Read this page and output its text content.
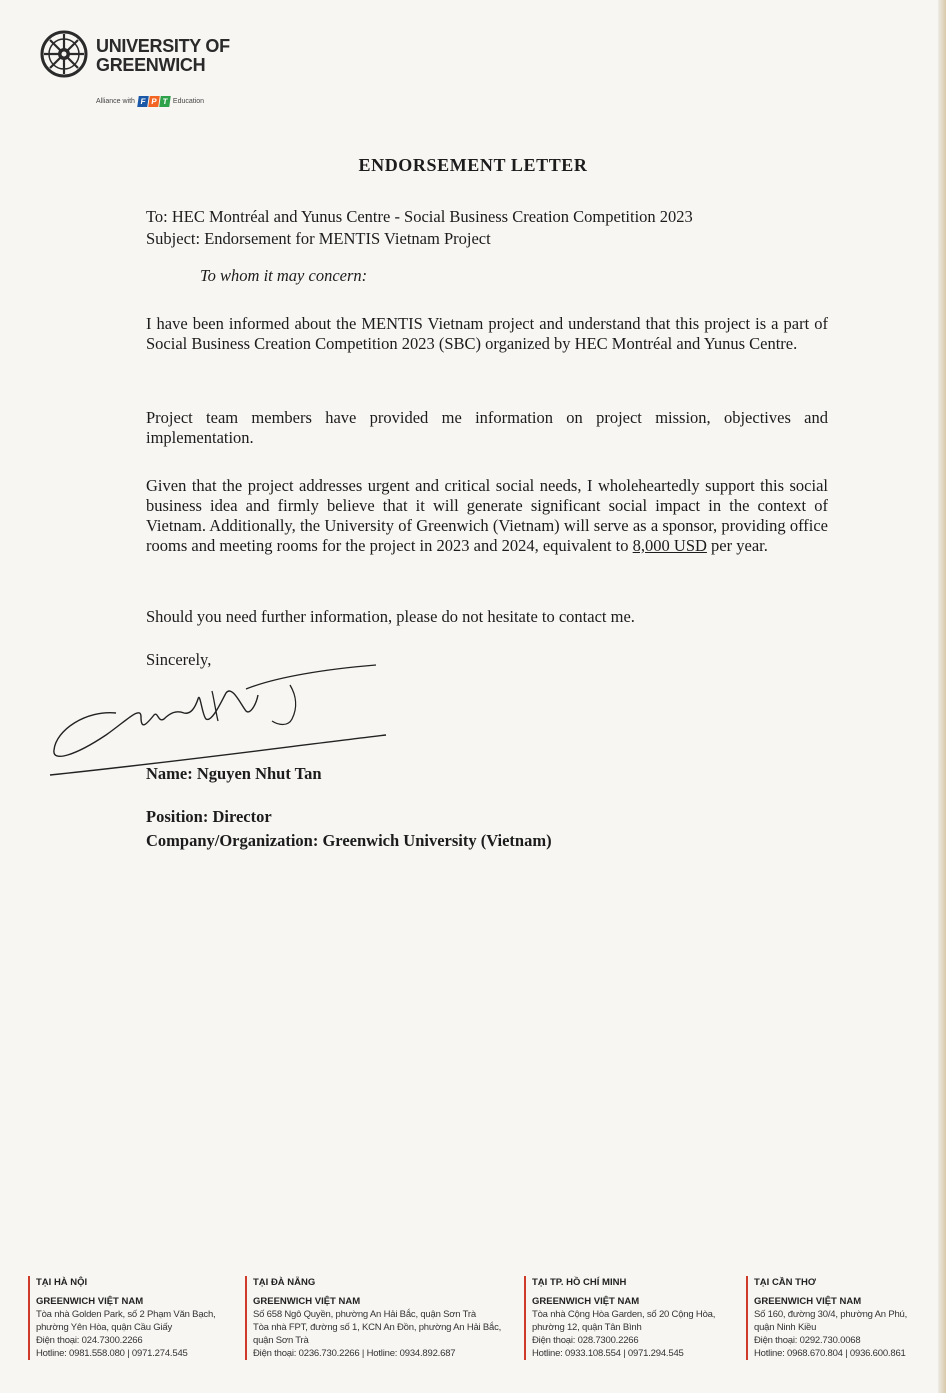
UNIVERSITY OF
GREENWICH
Alliance with F P T Education
ENDORSEMENT LETTER
To: HEC Montréal and Yunus Centre - Social Business Creation Competition 2023
Subject: Endorsement for MENTIS Vietnam Project
To whom it may concern:
I have been informed about the MENTIS Vietnam project and understand that this project is a part of Social Business Creation Competition 2023 (SBC) organized by HEC Montréal and Yunus Centre.
Project team members have provided me information on project mission, objectives and implementation.
Given that the project addresses urgent and critical social needs, I wholeheartedly support this social business idea and firmly believe that it will generate significant social impact in the context of Vietnam. Additionally, the University of Greenwich (Vietnam) will serve as a sponsor, providing office rooms and meeting rooms for the project in 2023 and 2024, equivalent to 8,000 USD per year.
Should you need further information, please do not hesitate to contact me.
Sincerely,
Name: Nguyen Nhut Tan
Position: Director
Company/Organization: Greenwich University (Vietnam)
TẠI HÀ NỘI
GREENWICH VIỆT NAM
Tòa nhà Golden Park, số 2 Phạm Văn Bạch,
phường Yên Hòa, quận Cầu Giấy
Điện thoại: 024.7300.2266
Hotline: 0981.558.080 | 0971.274.545
TẠI ĐÀ NẴNG
GREENWICH VIỆT NAM
Số 658 Ngô Quyền, phường An Hải Bắc, quận Sơn Trà
Tòa nhà FPT, đường số 1, KCN An Đồn, phường An Hải Bắc,
quận Sơn Trà
Điện thoại: 0236.730.2266 | Hotline: 0934.892.687
TẠI TP. HỒ CHÍ MINH
GREENWICH VIỆT NAM
Tòa nhà Cộng Hòa Garden, số 20 Cộng Hòa,
phường 12, quận Tân Bình
Điện thoại: 028.7300.2266
Hotline: 0933.108.554 | 0971.294.545
TẠI CẦN THƠ
GREENWICH VIỆT NAM
Số 160, đường 30/4, phường An Phú,
quận Ninh Kiều
Điện thoại: 0292.730.0068
Hotline: 0968.670.804 | 0936.600.861
